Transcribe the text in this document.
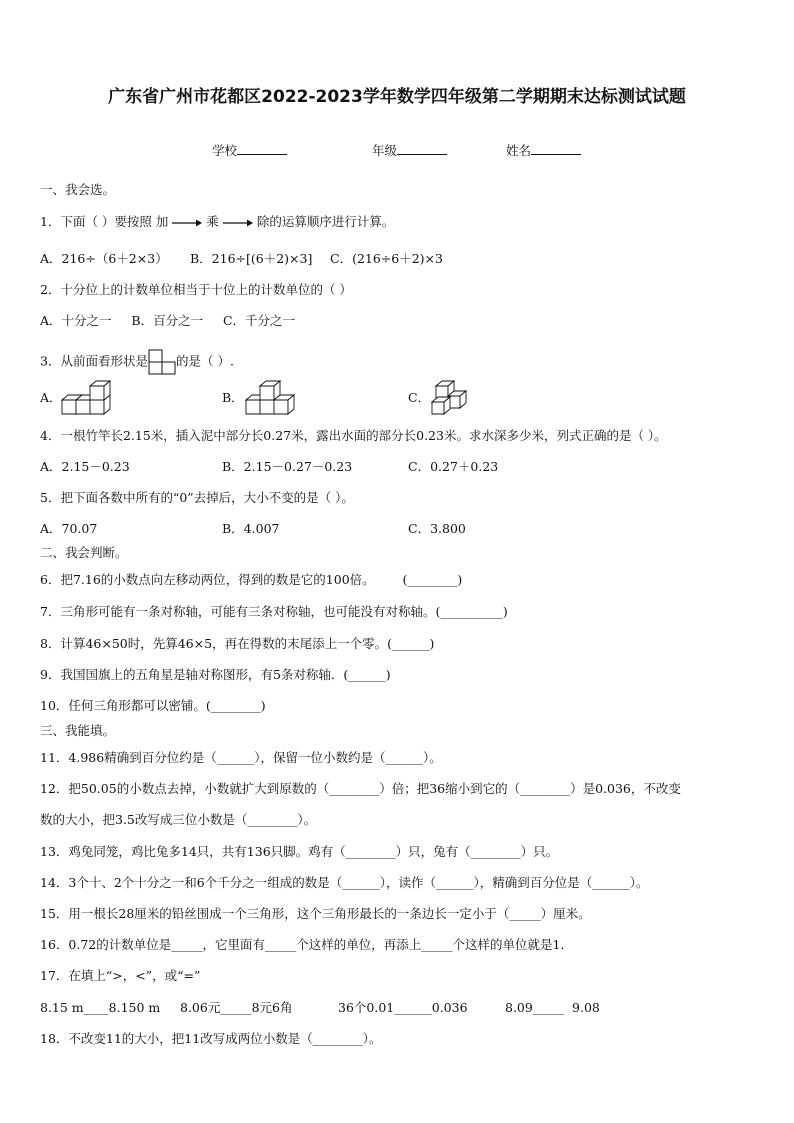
广东省广州市花都区2022-2023学年数学四年级第二学期期末达标测试试题
学校	年级	姓名
一、我会选。
1．下面（ ）要按照 加	乘	除的运算顺序进行计算。
A．216÷（6＋2×3） B．216÷[(6＋2)×3] C．(216÷6＋2)×3
2．十分位上的计数单位相当于十位上的计数单位的（ ）
A．十分之一     B．百分之一     C．千分之一
3．从前面看形状是 的是（ ）.
A．	B．	C．
4．一根竹竿长2.15米，插入泥中部分长0.27米，露出水面的部分长0.23米。求水深多少米，列式正确的是（ ）。
A．2.15－0.23	B．2.15－0.27－0.23	C．0.27＋0.23
5．把下面各数中所有的“0”去掉后，大小不变的是（ ）。
A．70.07	B．4.007	C．3.800
二、我会判断。
6．把7.16的小数点向左移动两位，得到的数是它的100倍。       (________)
7．三角形可能有一条对称轴，可能有三条对称轴，也可能没有对称轴。(__________)
8．计算46×50时，先算46×5，再在得数的末尾添上一个零。(______)
9．我国国旗上的五角星是轴对称图形，有5条对称轴．(______)
10．任何三角形都可以密铺。(________)
三、我能填。
11．4.986精确到百分位约是（______），保留一位小数约是（______）。
12．把50.05的小数点去掉，小数就扩大到原数的（________）倍；把36缩小到它的（________）是0.036，不改变
数的大小，把3.5改写成三位小数是（________）。
13．鸡兔同笼，鸡比兔多14只，共有136只脚。鸡有（________）只，兔有（________）只。
14．3个十、2个十分之一和6个千分之一组成的数是（______），读作（______），精确到百分位是（______）。
15．用一根长28厘米的铅丝围成一个三角形，这个三角形最长的一条边长一定小于（_____）厘米。
16．0.72的计数单位是_____，它里面有_____个这样的单位，再添上_____个这样的单位就是1．
17．在填上“>，<”，或“=”
8.15 m____8.150 m 8.06元_____8元6角	36个0.01______0.036	8.09_____  9.08
18．不改变11的大小，把11改写成两位小数是（________）。
